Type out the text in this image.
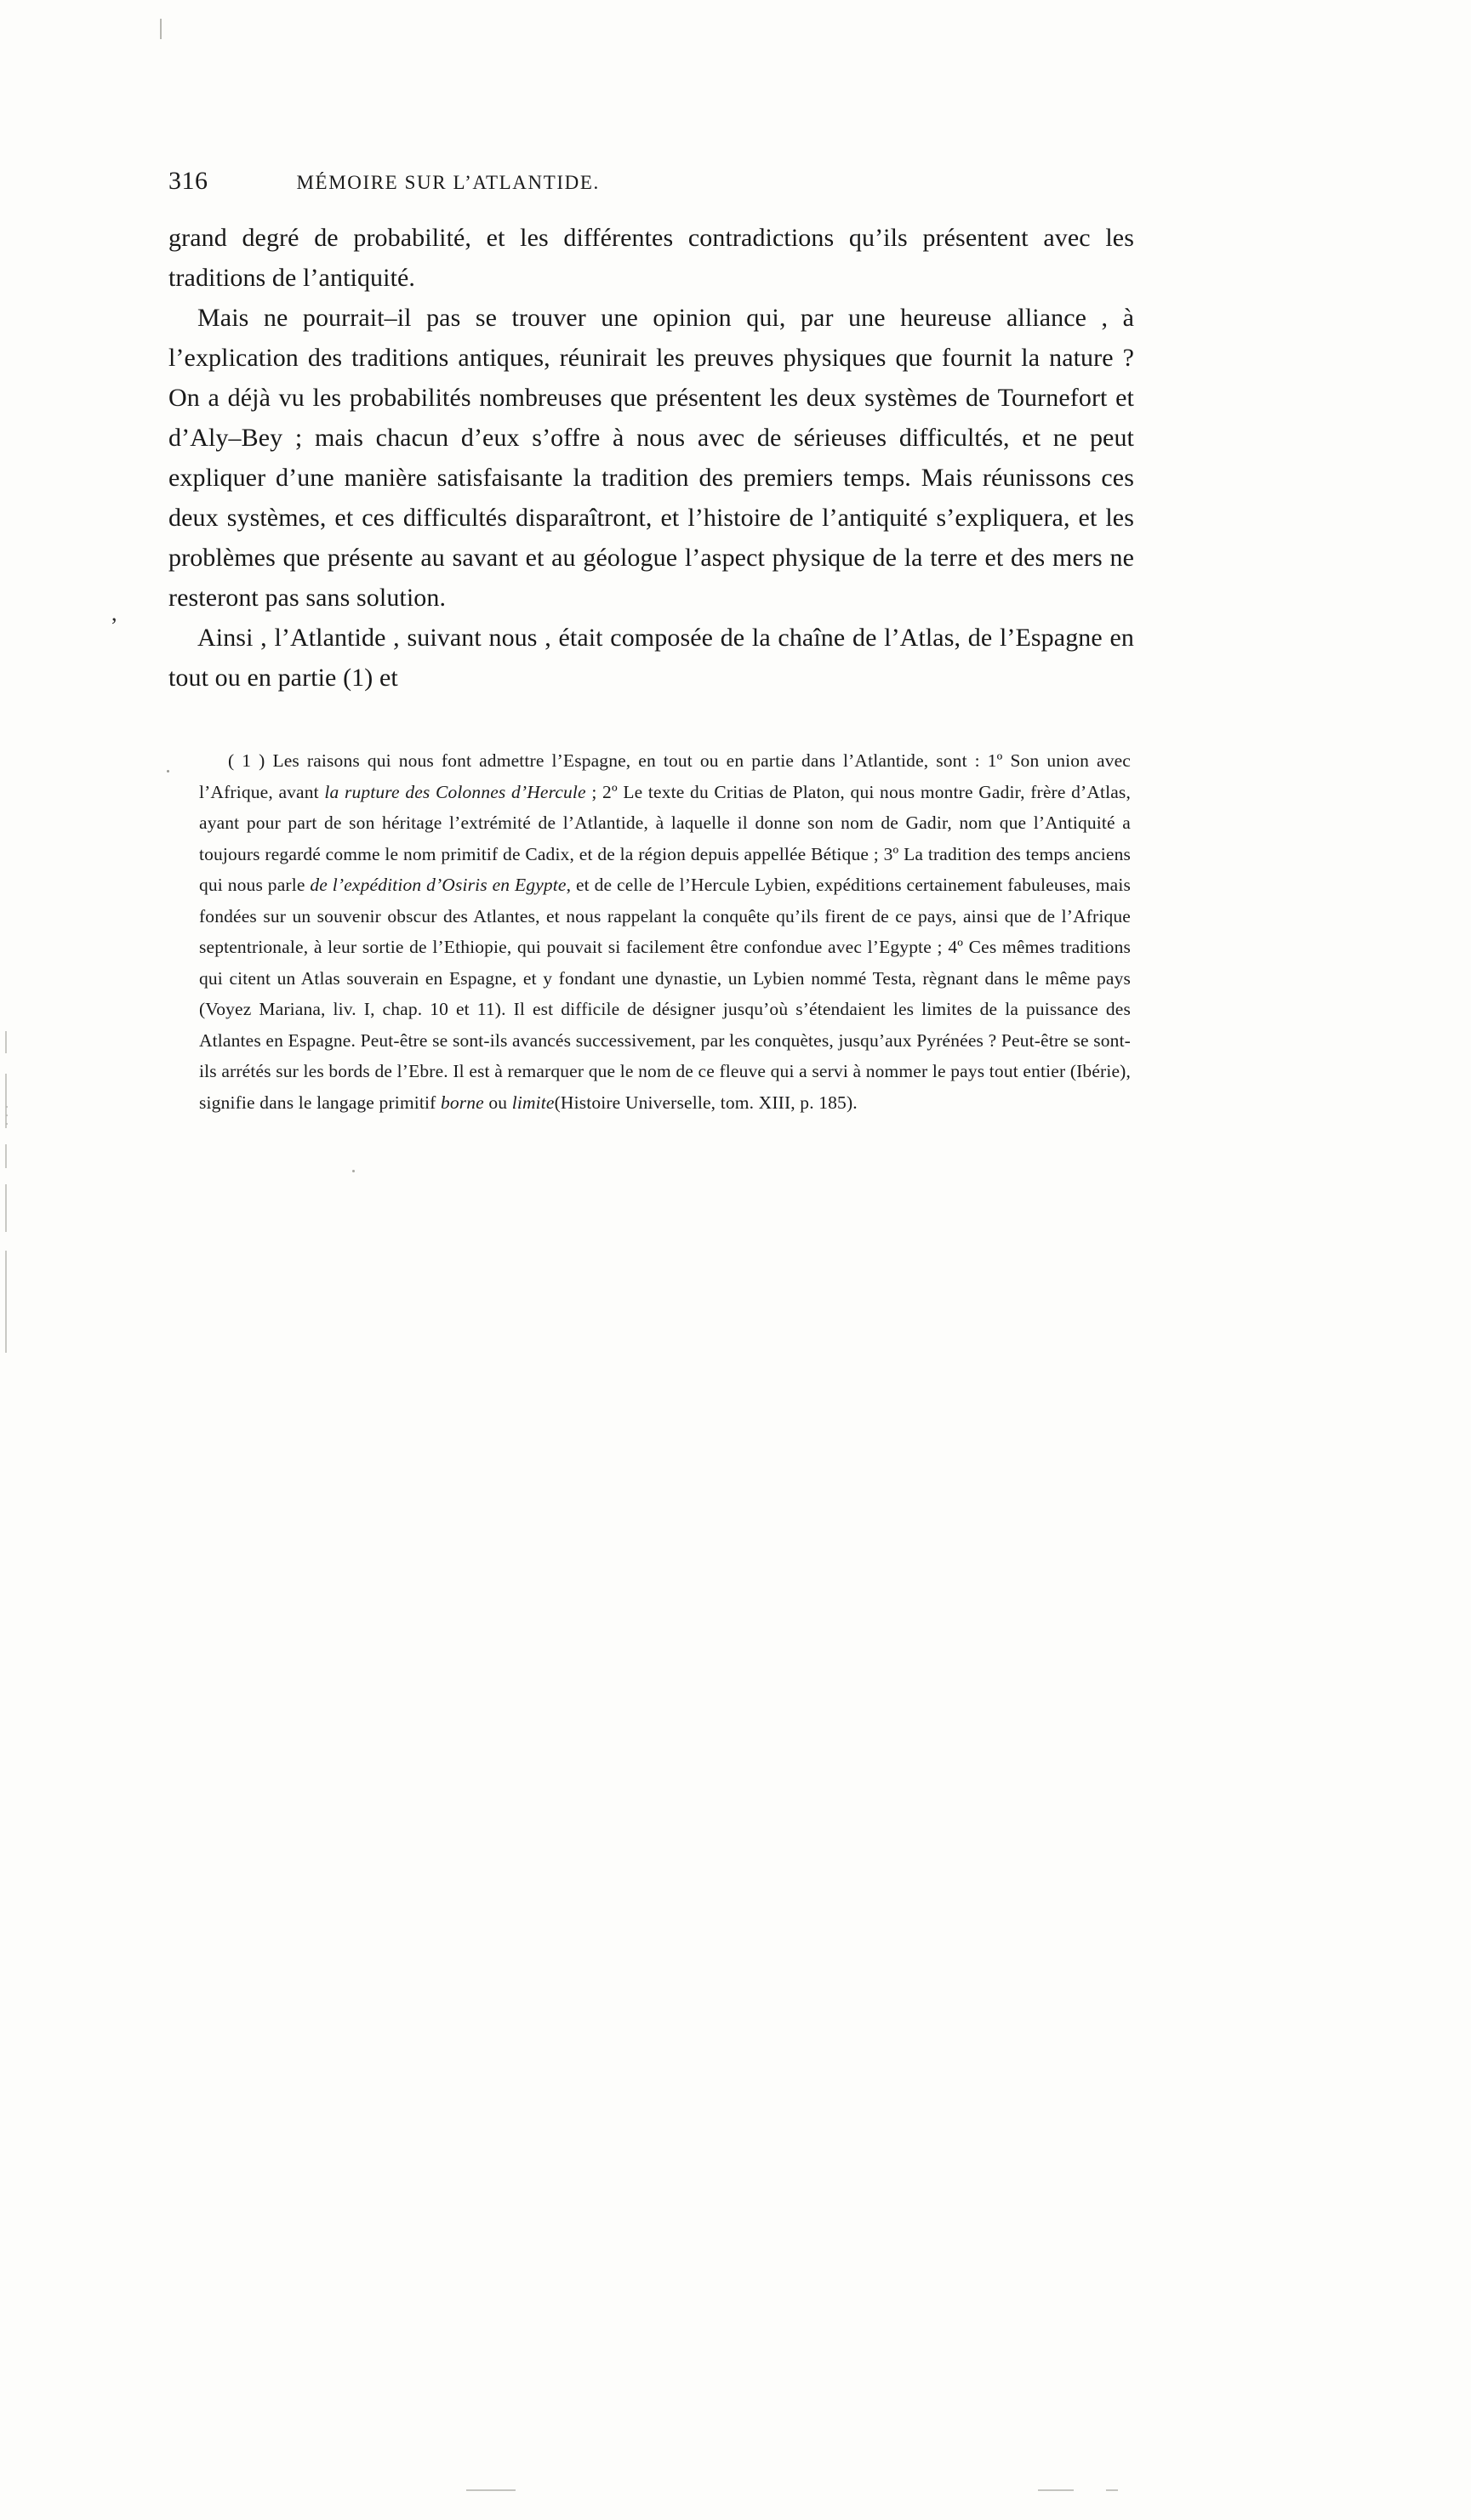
,
316	MÉMOIRE SUR L’ATLANTIDE.

grand degré de probabilité, et les différentes contradictions qu’ils présentent avec les traditions de l’antiquité.

Mais ne pourrait–il pas se trouver une opinion qui, par une heureuse alliance , à l’explication des traditions antiques, réunirait les preuves physiques que fournit la nature ? On a déjà vu les probabilités nombreuses que présentent les deux systèmes de Tournefort et d’Aly–Bey ; mais chacun d’eux s’offre à nous avec de sérieuses difficultés, et ne peut expliquer d’une manière satisfaisante la tradition des premiers temps. Mais réunissons ces deux systèmes, et ces difficultés disparaîtront, et l’histoire de l’antiquité s’expliquera, et les problèmes que présente au savant et au géologue l’aspect physique de la terre et des mers ne resteront pas sans solution.

Ainsi , l’Atlantide , suivant nous , était composée de la chaîne de l’Atlas, de l’Espagne en tout ou en partie (1) et

( 1 ) Les raisons qui nous font admettre l’Espagne, en tout ou en partie dans l’Atlantide, sont : 1º Son union avec l’Afrique, avant la rupture des Colonnes d’Hercule ; 2º Le texte du Critias de Platon, qui nous montre Gadir, frère d’Atlas, ayant pour part de son héritage l’extrémité de l’Atlantide, à laquelle il donne son nom de Gadir, nom que l’Antiquité a toujours regardé comme le nom primitif de Cadix, et de la région depuis appellée Bétique ; 3º La tradition des temps anciens qui nous parle de l’expédition d’Osiris en Egypte, et de celle de l’Hercule Lybien, expéditions certainement fabuleuses, mais fondées sur un souvenir obscur des Atlantes, et nous rappelant la conquête qu’ils firent de ce pays, ainsi que de l’Afrique septentrionale, à leur sortie de l’Ethiopie, qui pouvait si facilement être confondue avec l’Egypte ; 4º Ces mêmes traditions qui citent un Atlas souverain en Espagne, et y fondant une dynastie, un Lybien nommé Testa, règnant dans le même pays (Voyez Mariana, liv. I, chap. 10 et 11). Il est difficile de désigner jusqu’où s’étendaient les limites de la puissance des Atlantes en Espagne. Peut-être se sont-ils avancés successivement, par les conquètes, jusqu’aux Pyrénées ? Peut-être se sont-ils arrétés sur les bords de l’Ebre. Il est à remarquer que le nom de ce fleuve qui a servi à nommer le pays tout entier (Ibérie), signifie dans le langage primitif borne ou limite(Histoire Universelle, tom. XIII, p. 185).
